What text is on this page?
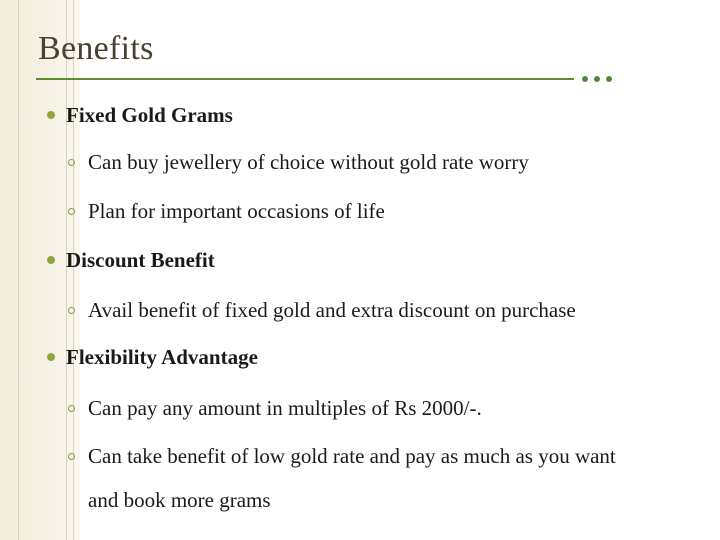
Benefits
Fixed Gold Grams
Can buy jewellery of choice without gold rate worry
Plan for important occasions of life
Discount Benefit
Avail benefit of fixed gold and extra discount on purchase
Flexibility Advantage
Can pay any amount in multiples of Rs 2000/-.
Can take benefit of low gold rate and pay as much as you want
and book more grams
